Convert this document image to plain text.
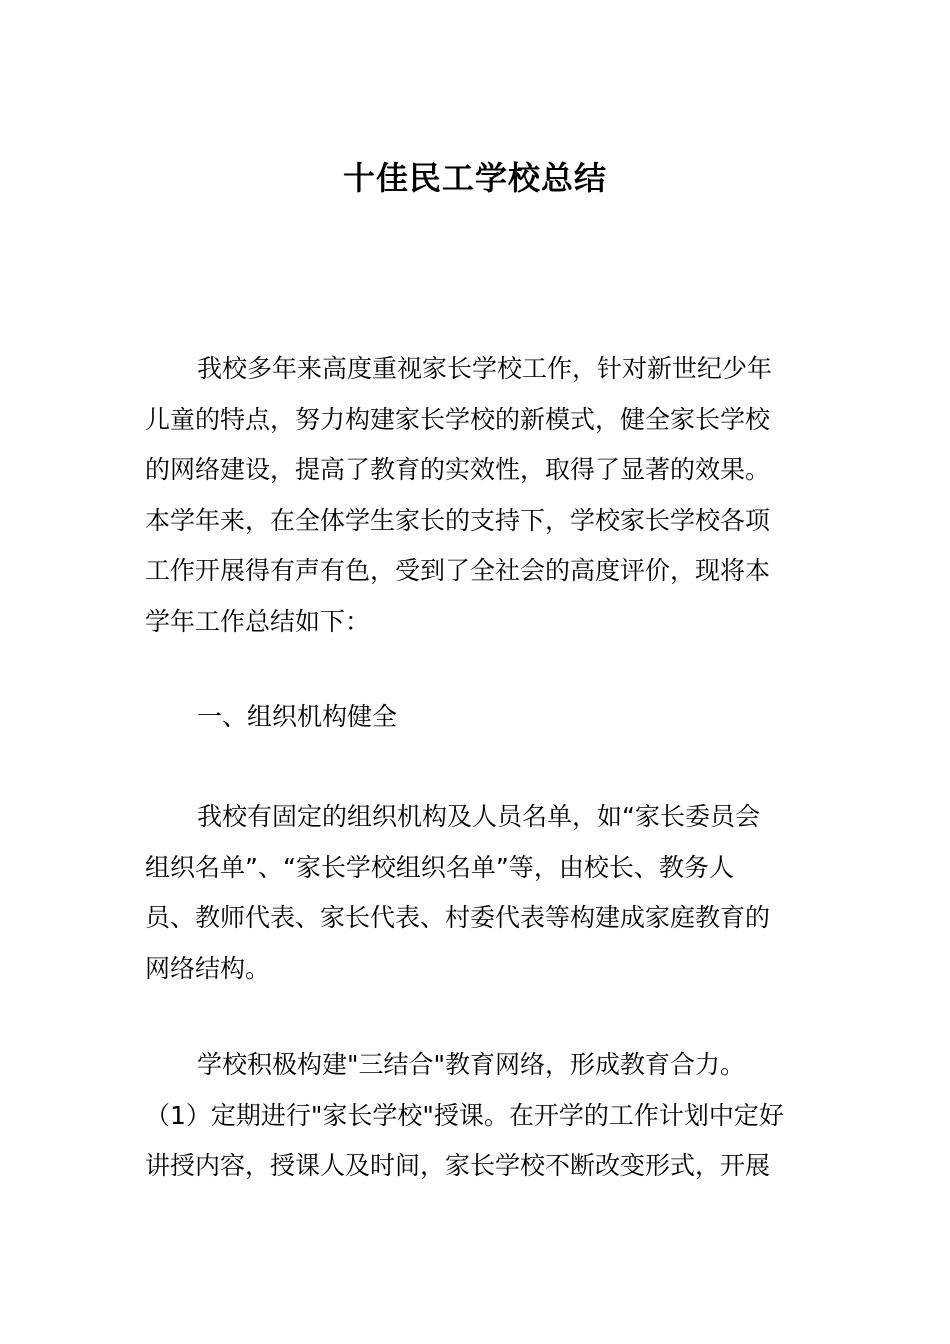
十佳民工学校总结
我校多年来高度重视家长学校工作，针对新世纪少年
儿童的特点，努力构建家长学校的新模式，健全家长学校
的网络建设，提高了教育的实效性，取得了显著的效果。
本学年来，在全体学生家长的支持下，学校家长学校各项
工作开展得有声有色，受到了全社会的高度评价，现将本
学年工作总结如下：
一、组织机构健全
我校有固定的组织机构及人员名单，如“家长委员会
组织名单”、“家长学校组织名单”等，由校长、教务人
员、教师代表、家长代表、村委代表等构建成家庭教育的
网络结构。
学校积极构建"三结合"教育网络，形成教育合力。
（1）定期进行"家长学校"授课。在开学的工作计划中定好
讲授内容，授课人及时间，家长学校不断改变形式，开展
